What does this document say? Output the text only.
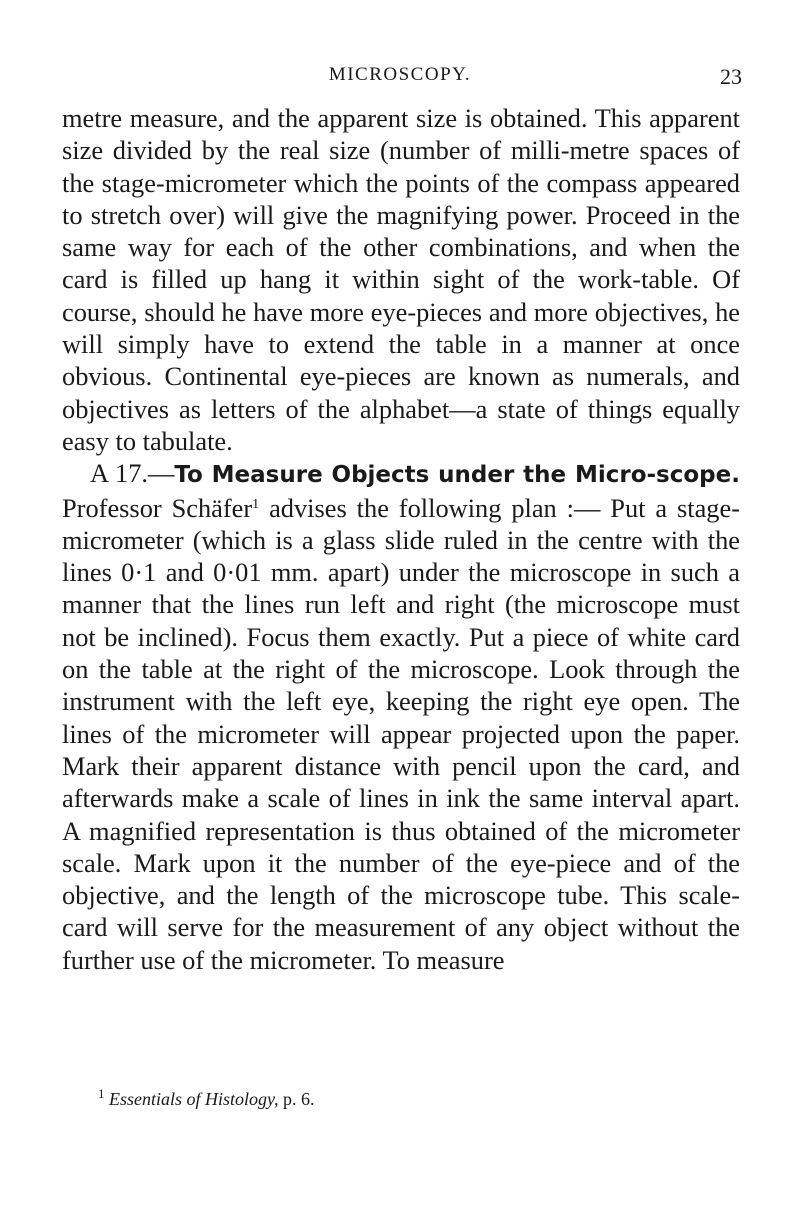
MICROSCOPY.	23

metre measure, and the apparent size is obtained. This apparent size divided by the real size (number of milli-metre spaces of the stage-micrometer which the points of the compass appeared to stretch over) will give the magnifying power. Proceed in the same way for each of the other combinations, and when the card is filled up hang it within sight of the work-table. Of course, should he have more eye-pieces and more objectives, he will simply have to extend the table in a manner at once obvious. Continental eye-pieces are known as numerals, and objectives as letters of the alphabet—a state of things equally easy to tabulate.

A 17.—To Measure Objects under the Micro-scope. Professor Schäfer$^1$ advises the following plan :— Put a stage-micrometer (which is a glass slide ruled in the centre with the lines 0·1 and 0·01 mm. apart) under the microscope in such a manner that the lines run left and right (the microscope must not be inclined). Focus them exactly. Put a piece of white card on the table at the right of the microscope. Look through the instrument with the left eye, keeping the right eye open. The lines of the micrometer will appear projected upon the paper. Mark their apparent distance with pencil upon the card, and afterwards make a scale of lines in ink the same interval apart. A magnified representation is thus obtained of the micrometer scale. Mark upon it the number of the eye-piece and of the objective, and the length of the microscope tube. This scale-card will serve for the measurement of any object without the further use of the micrometer. To measure

$^1$ Essentials of Histology, p. 6.
